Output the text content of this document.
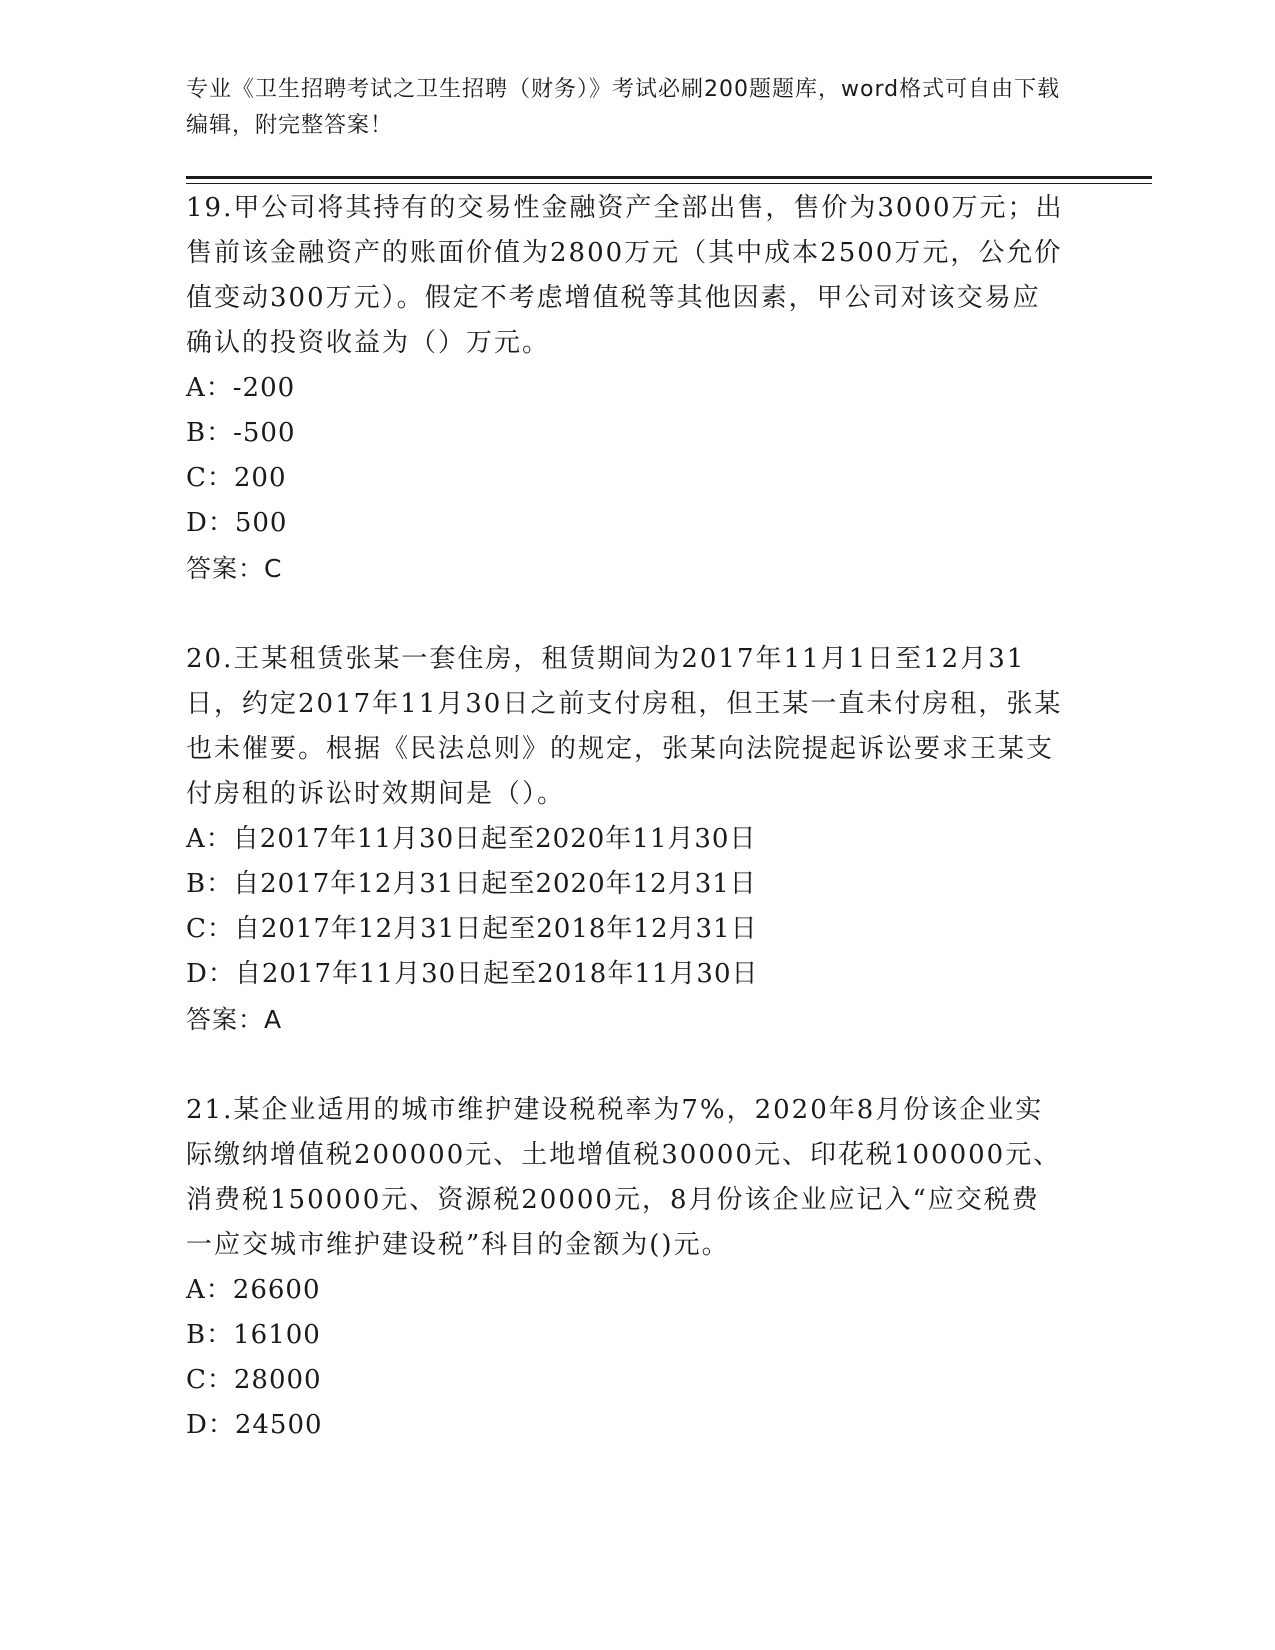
专业《卫生招聘考试之卫生招聘（财务）》考试必刷200题题库，word格式可自由下载编辑，附完整答案！

19.甲公司将其持有的交易性金融资产全部出售，售价为3000万元；出售前该金融资产的账面价值为2800万元（其中成本2500万元，公允价值变动300万元）。假定不考虑增值税等其他因素，甲公司对该交易应确认的投资收益为（）万元。

A：-200

B：-500

C：200

D：500

答案：C

20.王某租赁张某一套住房，租赁期间为2017年11月1日至12月31日，约定2017年11月30日之前支付房租，但王某一直未付房租，张某也未催要。根据《民法总则》的规定，张某向法院提起诉讼要求王某支付房租的诉讼时效期间是（）。

A：自2017年11月30日起至2020年11月30日

B：自2017年12月31日起至2020年12月31日

C：自2017年12月31日起至2018年12月31日

D：自2017年11月30日起至2018年11月30日

答案：A

21.某企业适用的城市维护建设税税率为7%，2020年8月份该企业实际缴纳增值税200000元、土地增值税30000元、印花税100000元、消费税150000元、资源税20000元，8月份该企业应记入“应交税费一应交城市维护建设税”科目的金额为()元。

A：26600

B：16100

C：28000

D：24500
